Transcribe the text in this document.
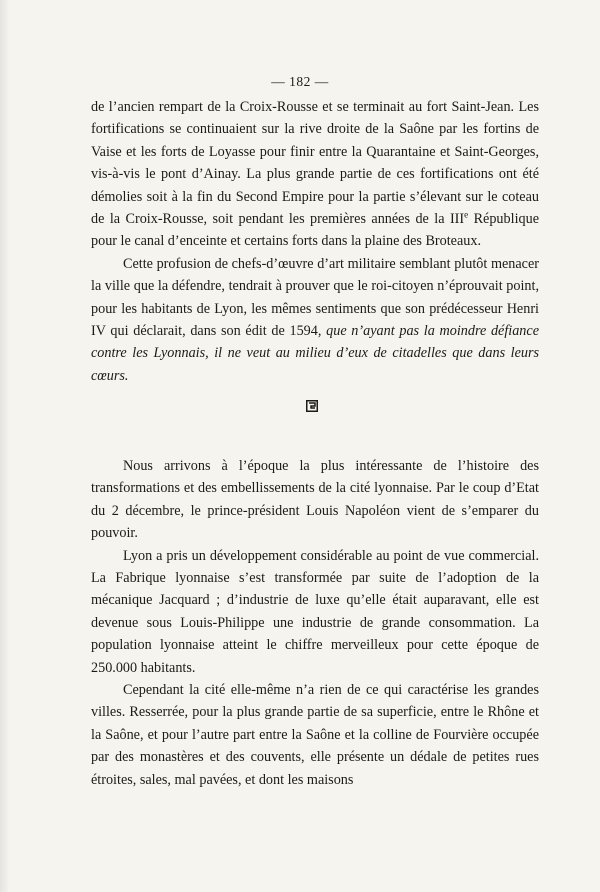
— 182 —

de l’ancien rempart de la Croix-Rousse et se terminait au fort Saint-Jean. Les fortifications se continuaient sur la rive droite de la Saône par les fortins de Vaise et les forts de Loyasse pour finir entre la Quarantaine et Saint-Georges, vis-à-vis le pont d’Ainay. La plus grande partie de ces fortifications ont été démolies soit à la fin du Second Empire pour la partie s’élevant sur le coteau de la Croix-Rousse, soit pendant les premières années de la IIIe République pour le canal d’enceinte et certains forts dans la plaine des Broteaux.

Cette profusion de chefs-d’œuvre d’art militaire semblant plutôt menacer la ville que la défendre, tendrait à prouver que le roi-citoyen n’éprouvait point, pour les habitants de Lyon, les mêmes sentiments que son prédécesseur Henri IV qui déclarait, dans son édit de 1594, que n’ayant pas la moindre défiance contre les Lyonnais, il ne veut au milieu d’eux de citadelles que dans leurs cœurs.

Nous arrivons à l’époque la plus intéressante de l’histoire des transformations et des embellissements de la cité lyonnaise. Par le coup d’Etat du 2 décembre, le prince-président Louis Napoléon vient de s’emparer du pouvoir.

Lyon a pris un développement considérable au point de vue commercial. La Fabrique lyonnaise s’est transformée par suite de l’adoption de la mécanique Jacquard ; d’industrie de luxe qu’elle était auparavant, elle est devenue sous Louis-Philippe une industrie de grande consommation. La population lyonnaise atteint le chiffre merveilleux pour cette époque de 250.000 habitants.

Cependant la cité elle-même n’a rien de ce qui caractérise les grandes villes. Resserrée, pour la plus grande partie de sa superficie, entre le Rhône et la Saône, et pour l’autre part entre la Saône et la colline de Fourvière occupée par des monastères et des couvents, elle présente un dédale de petites rues étroites, sales, mal pavées, et dont les maisons
